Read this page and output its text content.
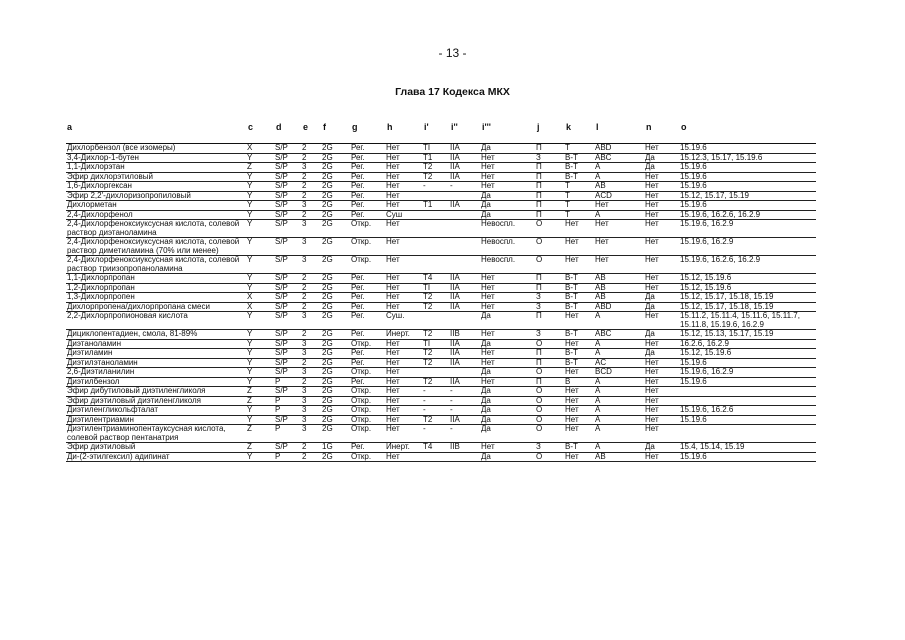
- 13 -
Глава 17 Кодекса МКХ
a	c	d e f	g	h	i' i''	i'''	j	k	l	n	o
Дихлорбензол (все изомеры)	X	S/P	2	2G	Рег.	Нет	TI	IIA	Да	П	Т	ABD	Нет	15.19.6
3,4-Дихлор-1-бутен	Y	S/P	2	2G	Рег.	Нет	T1	IIA	Нет	З	В-Т	ABC	Да	15.12.3, 15.17, 15.19.6
1,1-Дихлорэтан	Z	S/P	3	2G	Рег.	Нет	T2	IIA	Нет	П	В-Т	A	Да	15.19.6
Эфир дихлорэтиловый	Y	S/P	2	2G	Рег.	Нет	T2	IIA	Нет	П	В-Т	A	Нет	15.19.6
1,6-Дихлоргексан	Y	S/P	2	2G	Рег.	Нет	-	-	Нет	П	Т	AB	Нет	15.19.6
Эфир 2,2'-дихлоризопропиловый	Y	S/P	2	2G	Рег.	Нет			Да	П	Т	ACD	Нет	15.12, 15.17, 15.19
Дихлорметан	Y	S/P	3	2G	Рег.	Нет	T1	IIA	Да	П	Т	Нет	Нет	15.19.6
2,4-Дихлорфенол	Y	S/P	2	2G	Рег.	Суш			Да	П	Т	A	Нет	15.19.6, 16.2.6, 16.2.9
2,4-Дихлорфеноксиуксусная кислота, солевой раствор диэтаноламина	Y	S/P	3	2G	Откр.	Нет			Невоспл.	О	Нет	Нет	Нет	15.19.6, 16.2.9
2,4-Дихлорфеноксиуксусная кислота, солевой раствор диметиламина (70% или менее)	Y	S/P	3	2G	Откр.	Нет			Невоспл.	О	Нет	Нет	Нет	15.19.6, 16.2.9
2,4-Дихлорфеноксиуксусная кислота, солевой раствор триизопропаноламина	Y	S/P	3	2G	Откр.	Нет			Невоспл.	О	Нет	Нет	Нет	15.19.6, 16.2.6, 16.2.9
1,1-Дихлорпропан	Y	S/P	2	2G	Рег.	Нет	T4	IIA	Нет	П	В-Т	AB	Нет	15.12, 15.19.6
1,2-Дихлорпропан	Y	S/P	2	2G	Рег.	Нет	TI	IIA	Нет	П	В-Т	AB	Нет	15.12, 15.19.6
1,3-Дихлорпропен	X	S/P	2	2G	Рег.	Нет	T2	IIA	Нет	З	В-Т	AB	Да	15.12, 15.17, 15.18, 15.19
Дихлорпропена/дихлорпропана смеси	X	S/P	2	2G	Рег.	Нет	T2	IIA	Нет	З	В-Т	ABD	Да	15.12, 15.17, 15.18, 15.19
2,2-Дихлорпропионовая кислота	Y	S/P	3	2G	Рег.	Суш.			Да	П	Нет	A	Нет	15.11.2, 15.11.4, 15.11.6, 15.11.7, 15.11.8, 15.19.6, 16.2.9
Дициклопентадиен, смола, 81-89%	Y	S/P	2	2G	Рег.	Инерт.	T2	IIB	Нет	З	В-Т	ABC	Да	15.12, 15.13, 15.17, 15.19
Диэтаноламин	Y	S/P	3	2G	Откр.	Нет	TI	IIA	Да	О	Нет	A	Нет	16.2.6, 16.2.9
Диэтиламин	Y	S/P	3	2G	Рег.	Нет	T2	IIA	Нет	П	В-Т	A	Да	15.12, 15.19.6
Диэтилэтаноламин	Y	S/P	2	2G	Рег.	Нет	T2	IIA	Нет	П	В-Т	AC	Нет	15.19.6
2,6-Диэтиланилин	Y	S/P	3	2G	Откр.	Нет			Да	О	Нет	BCD	Нет	15.19.6, 16.2.9
Диэтилбензол	Y	P	2	2G	Рег.	Нет	T2	IIA	Нет	П	В	A	Нет	15.19.6
Эфир дибутиловый диэтиленгликоля	Z	S/P	3	2G	Откр.	Нет	-	-	Да	О	Нет	A	Нет	
Эфир диэтиловый диэтиленгликоля	Z	P	3	2G	Откр.	Нет	-	-	Да	О	Нет	A	Нет	
Диэтиленгликольфталат	Y	P	3	2G	Откр.	Нет	-	-	Да	О	Нет	A	Нет	15.19.6, 16.2.6
Диэтилентриамин	Y	S/P	3	2G	Откр.	Нет	T2	IIA	Да	О	Нет	A	Нет	15.19.6
Диэтилентриаминопентауксусная кислота, солевой раствор пентанатрия	Z	P	3	2G	Откр.	Нет	-	-	Да	О	Нет	A	Нет	
Эфир диэтиловый	Z	S/P	2	1G	Рег.	Инерт.	T4	IIB	Нет	З	В-Т	A	Да	15.4, 15.14, 15.19
Ди-(2-этилгексил) адипинат	Y	P	2	2G	Откр.	Нет			Да	О	Нет	AB	Нет	15.19.6
